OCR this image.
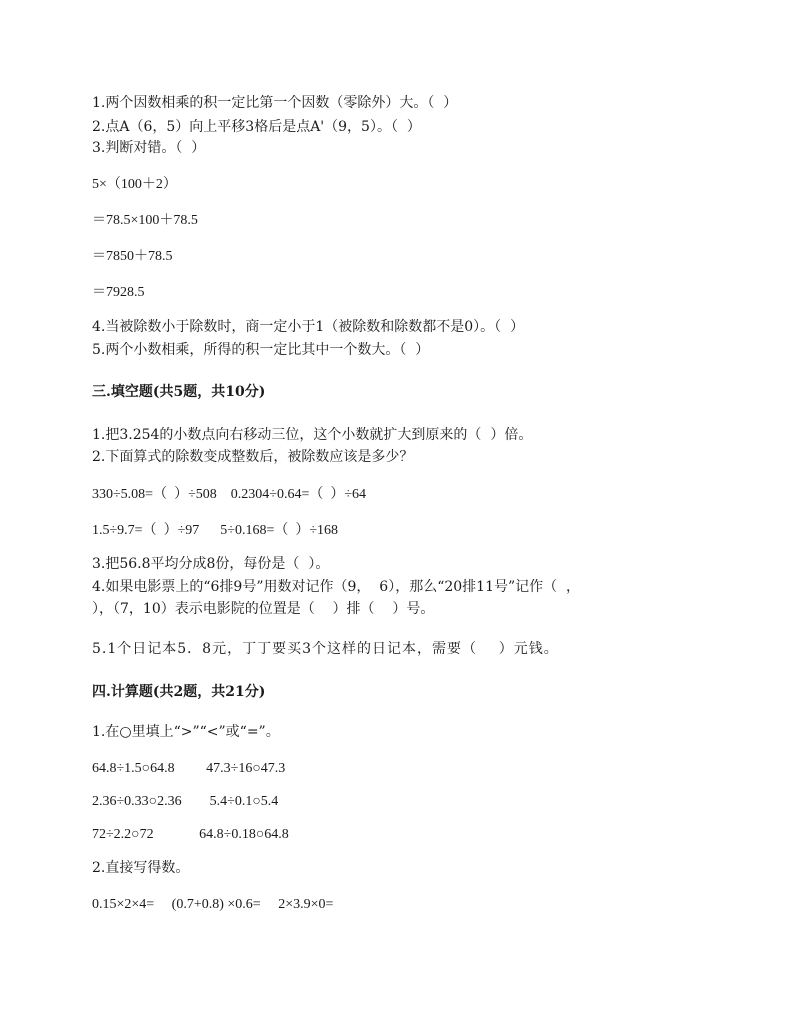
1.两个因数相乘的积一定比第一个因数（零除外）大。（  ）
2.点A（6，5）向上平移3格后是点A'（9，5）。（  ）
3.判断对错。（  ）
5×（100＋2）
＝78.5×100＋78.5
＝7850＋78.5
＝7928.5
4.当被除数小于除数时，商一定小于1（被除数和除数都不是0）。（  ）
5.两个小数相乘，所得的积一定比其中一个数大。（  ）
三.填空题(共5题，共10分)
1.把3.254的小数点向右移动三位，这个小数就扩大到原来的（  ）倍。
2.下面算式的除数变成整数后，被除数应该是多少？
330÷5.08=（  ）÷508    0.2304÷0.64=（  ）÷64
1.5÷9.7=（  ）÷97      5÷0.168=（  ）÷168
3.把56.8平均分成8份，每份是（  ）。
4.如果电影票上的“6排9号”用数对记作（9，  6），那么“20排11号”记作（  ，
），（7，10）表示电影院的位置是（    ）排（    ）号。
5.1个日记本5．8元，丁丁要买3个这样的日记本，需要（    ）元钱。
四.计算题(共2题，共21分)
1.在○里填上“>”“<”或“=”。
64.8÷1.5○64.8         47.3÷16○47.3
2.36÷0.33○2.36        5.4÷0.1○5.4
72÷2.2○72             64.8÷0.18○64.8
2.直接写得数。
0.15×2×4=     (0.7+0.8) ×0.6=     2×3.9×0=
